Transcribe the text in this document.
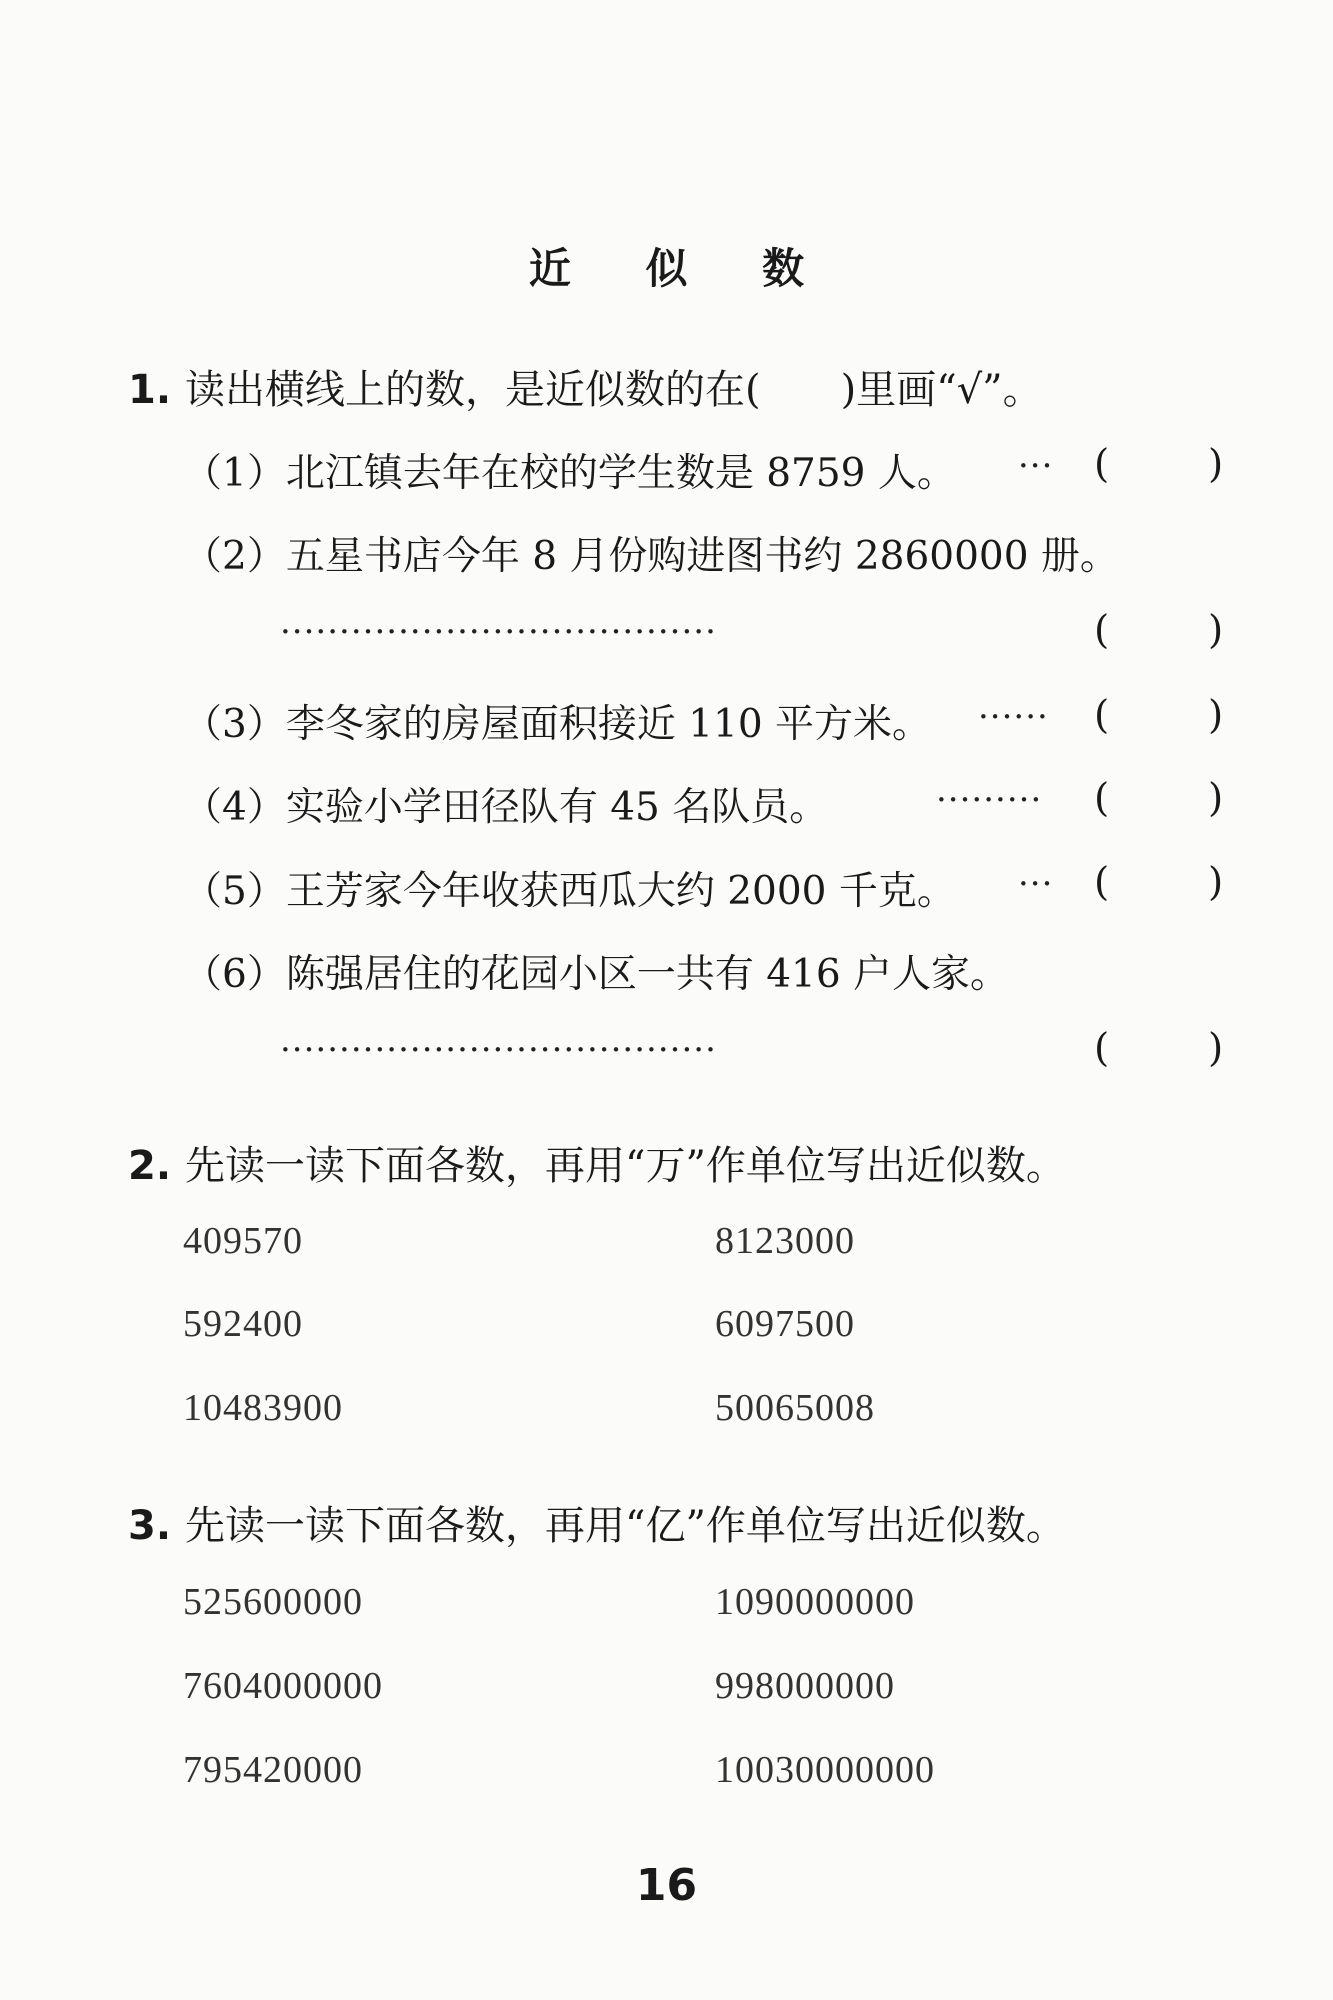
近 似 数
1. 读出横线上的数，是近似数的在(　　)里画“√”。
（1）北江镇去年在校的学生数是 8759 人。 ··· (	)
（2）五星书店今年 8 月份购进图书约 2860000 册。
·····································	(	)
（3）李冬家的房屋面积接近 110 平方米。 ······ (	)
（4）实验小学田径队有 45 名队员。	········· (	)
（5）王芳家今年收获西瓜大约 2000 千克。 ··· (	)
（6）陈强居住的花园小区一共有 416 户人家。
·····································	(	)
2. 先读一读下面各数，再用“万”作单位写出近似数。
409570	8123000
592400	6097500
10483900	50065008
3. 先读一读下面各数，再用“亿”作单位写出近似数。
525600000	1090000000
7604000000	998000000
795420000	10030000000
16
